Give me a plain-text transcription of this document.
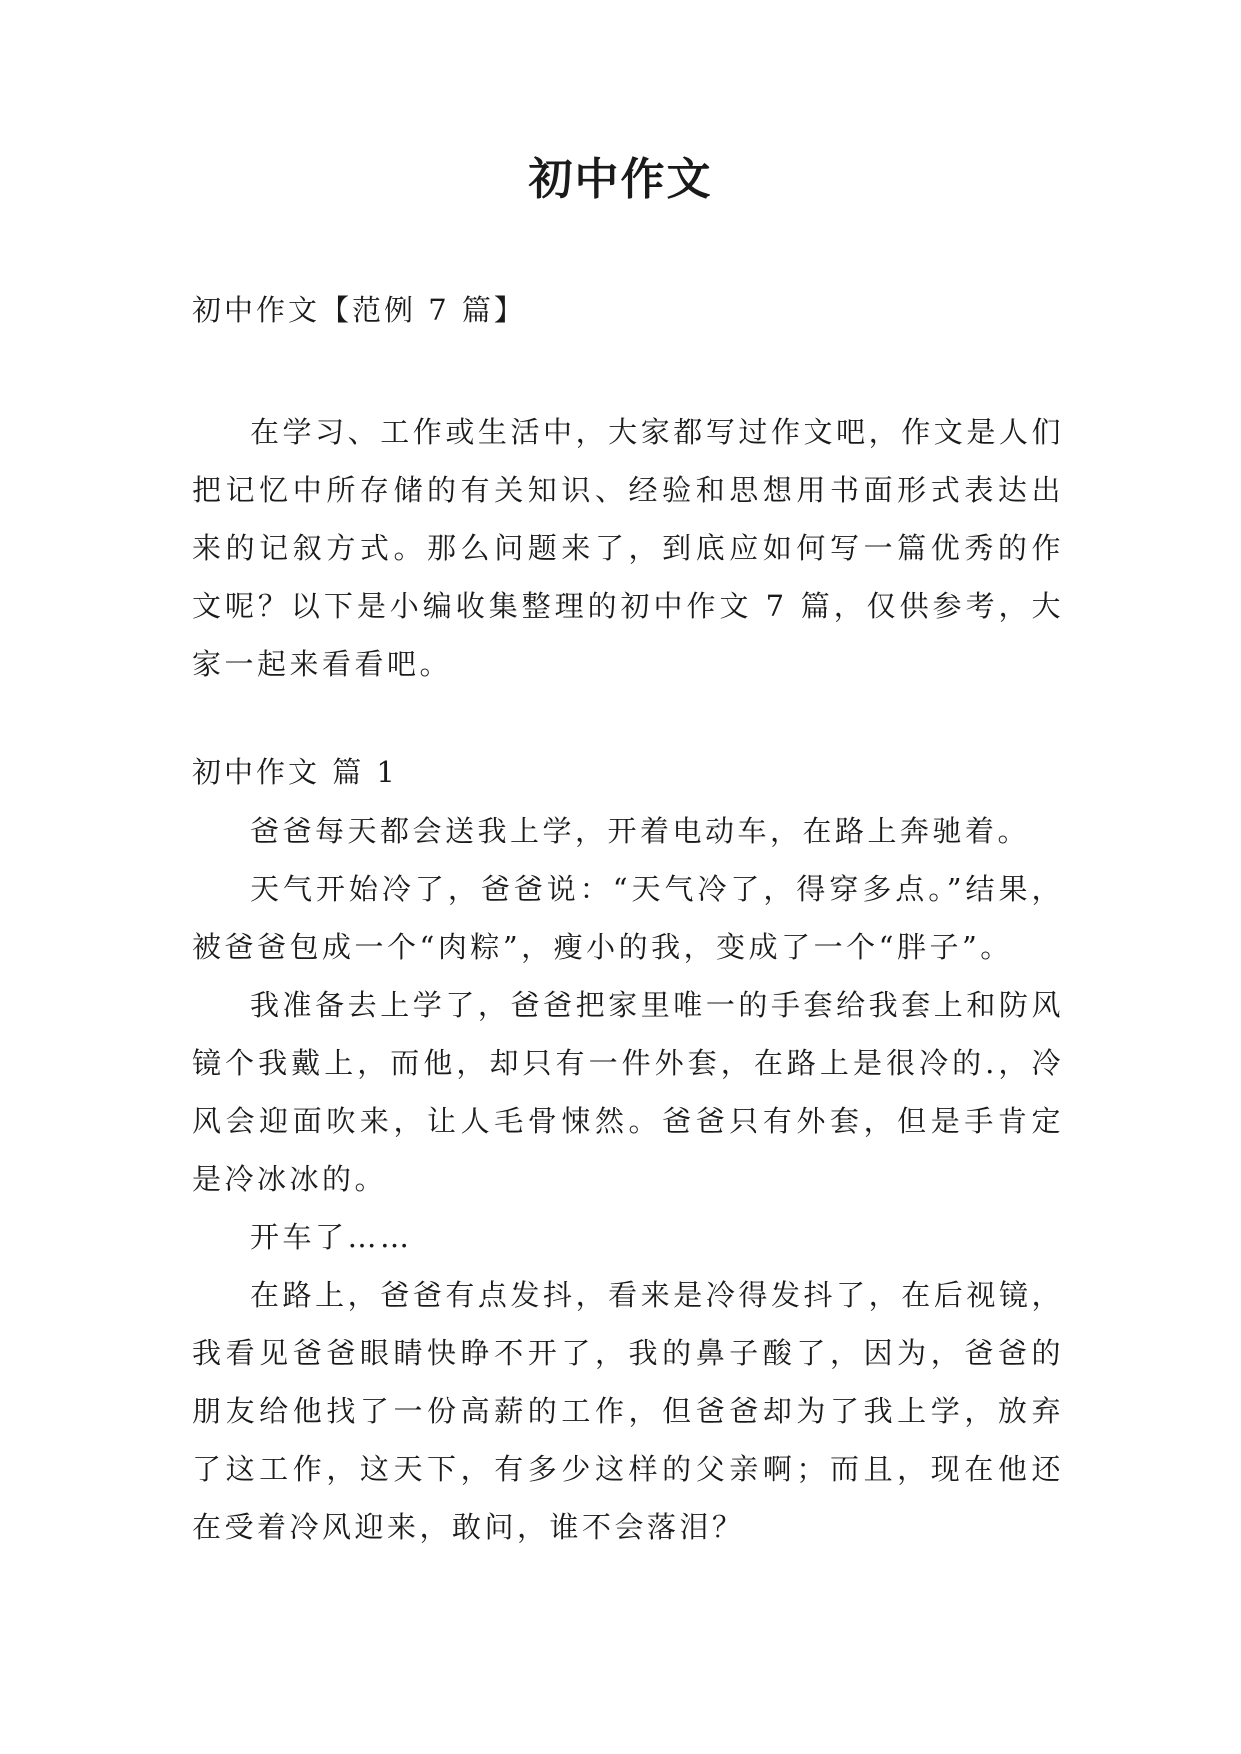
初中作文
初中作文【范例 7 篇】

在学习、工作或生活中，大家都写过作文吧，作文是人们把记忆中所存储的有关知识、经验和思想用书面形式表达出来的记叙方式。那么问题来了，到底应如何写一篇优秀的作文呢？以下是小编收集整理的初中作文 7 篇，仅供参考，大家一起来看看吧。

初中作文 篇 1

爸爸每天都会送我上学，开着电动车，在路上奔驰着。

天气开始冷了，爸爸说：“天气冷了，得穿多点。”结果，被爸爸包成一个“肉粽”，瘦小的我，变成了一个“胖子”。

我准备去上学了，爸爸把家里唯一的手套给我套上和防风镜个我戴上，而他，却只有一件外套，在路上是很冷的.，冷风会迎面吹来，让人毛骨悚然。爸爸只有外套，但是手肯定是冷冰冰的。

开车了……

在路上，爸爸有点发抖，看来是冷得发抖了，在后视镜，我看见爸爸眼睛快睁不开了，我的鼻子酸了，因为，爸爸的朋友给他找了一份高薪的工作，但爸爸却为了我上学，放弃了这工作，这天下，有多少这样的父亲啊；而且，现在他还在受着冷风迎来，敢问，谁不会落泪？
